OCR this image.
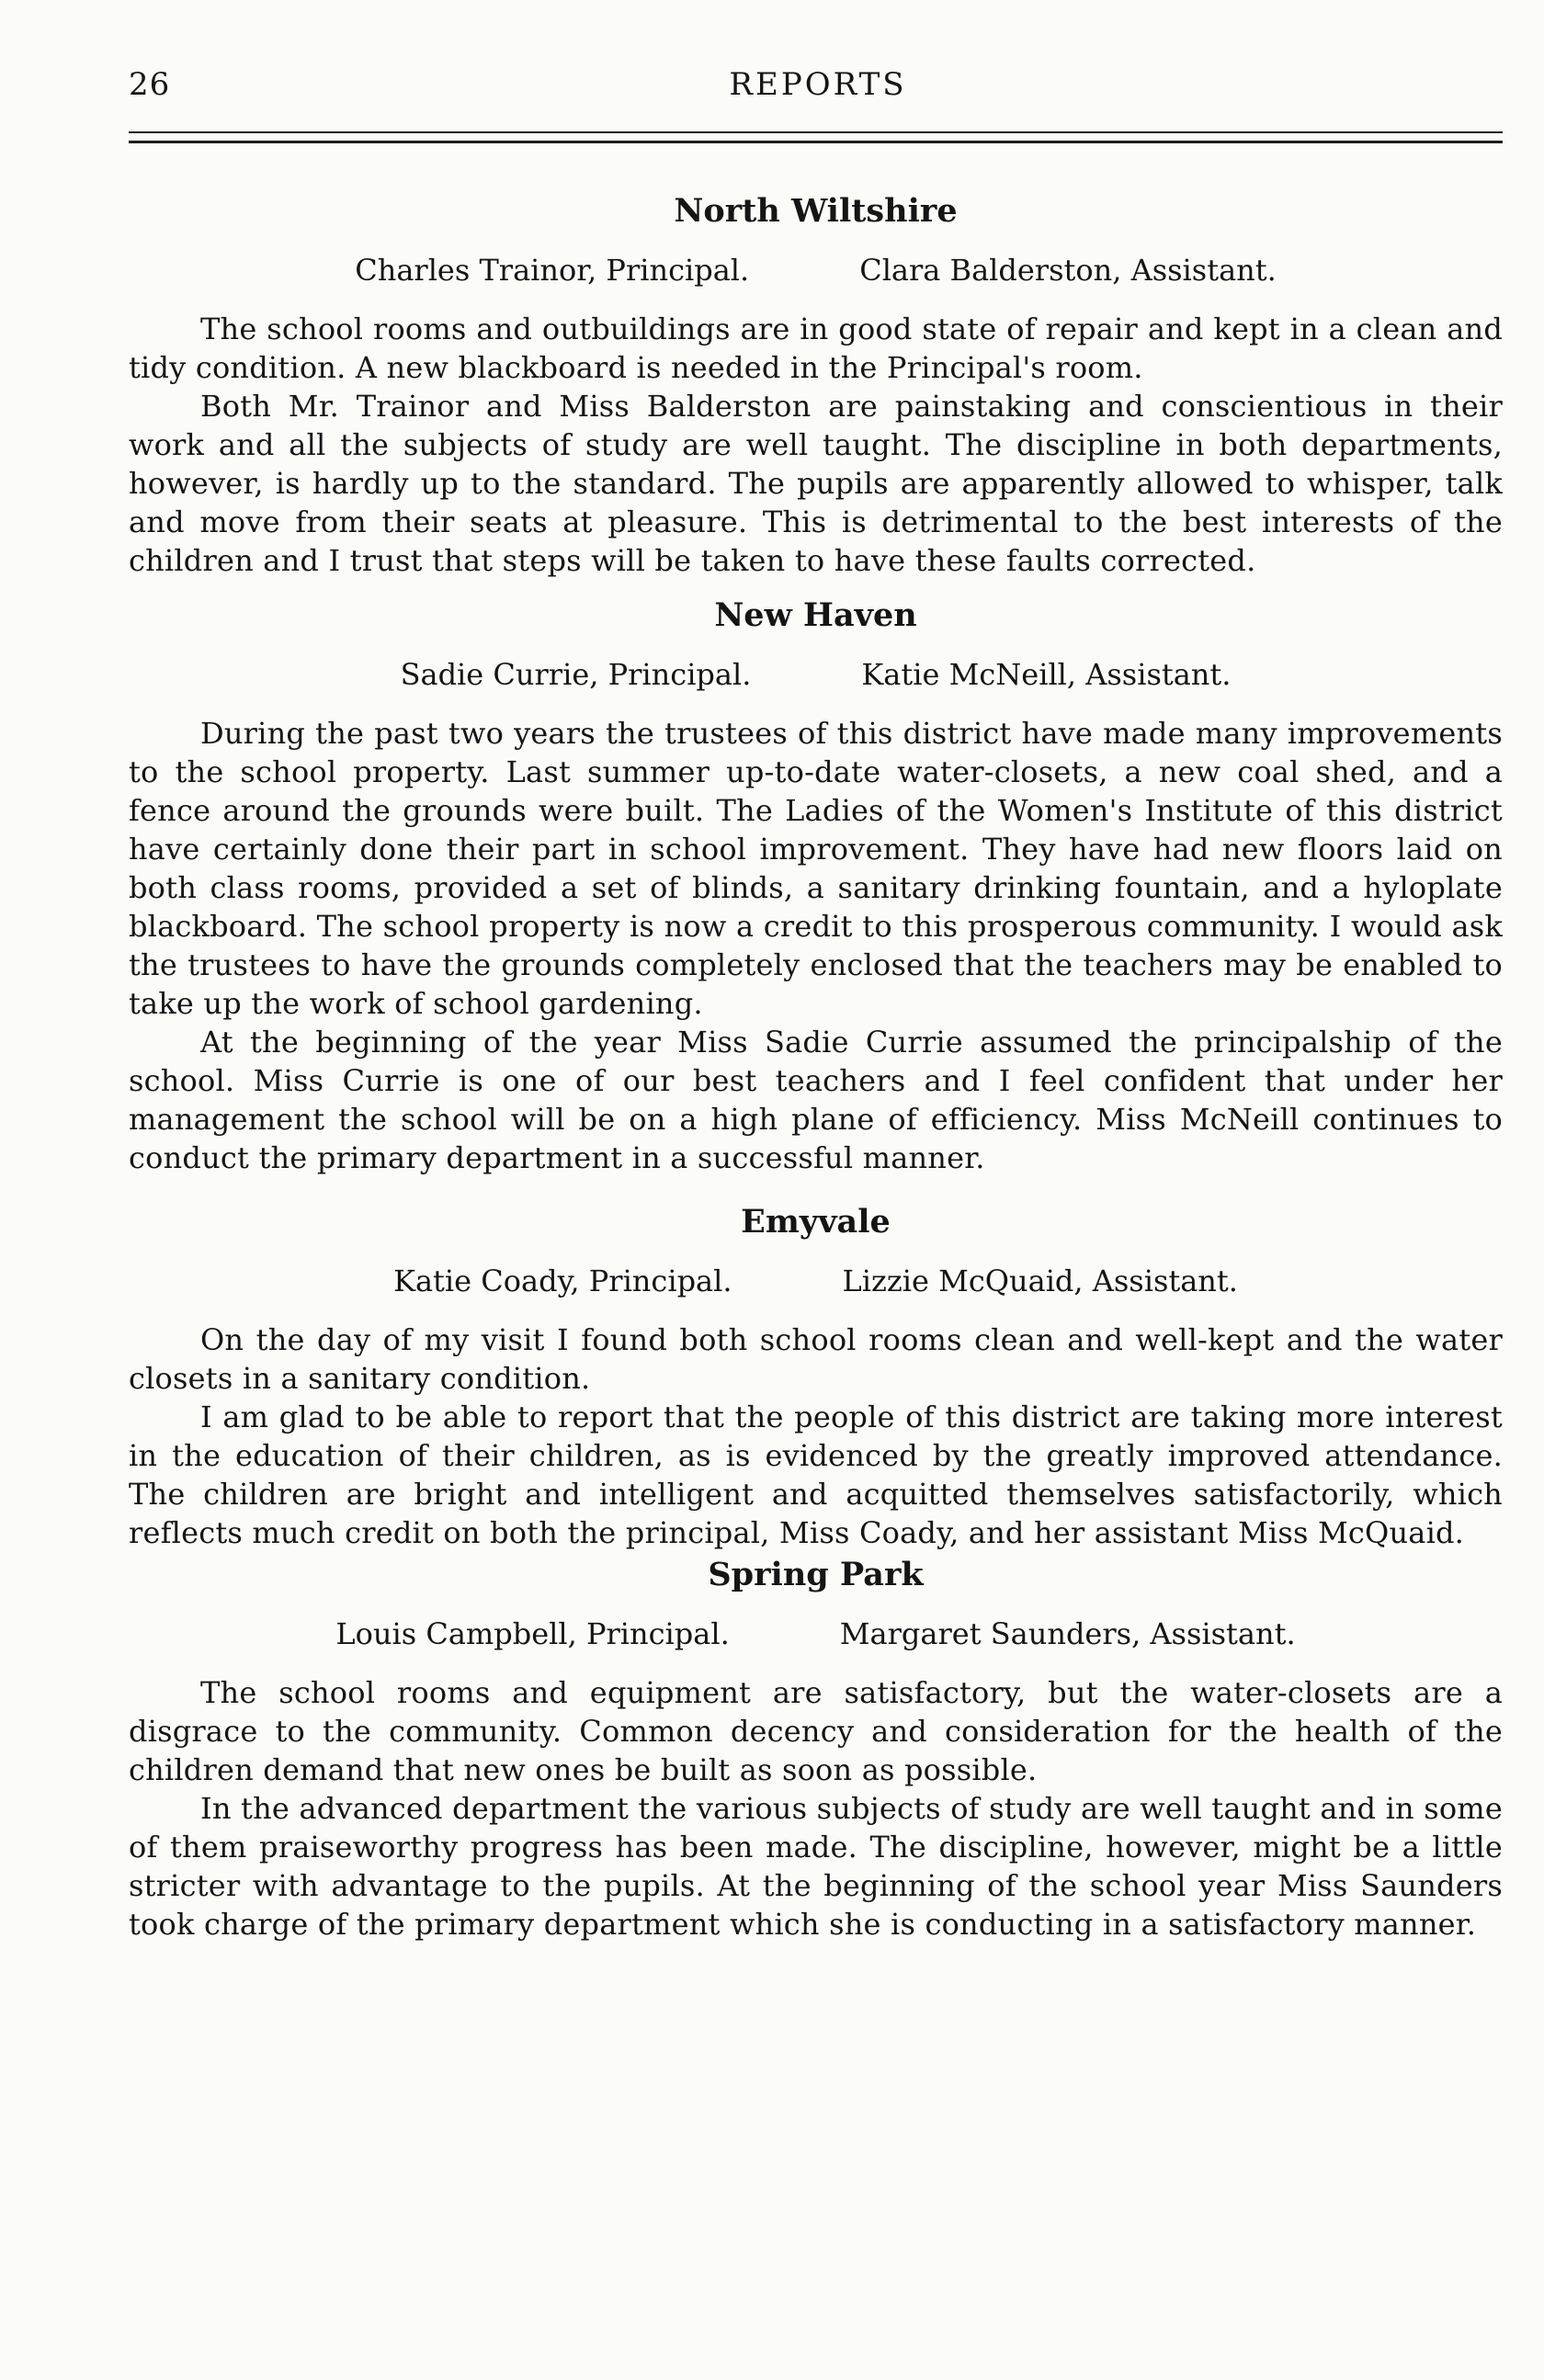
26	REPORTS
North Wiltshire
Charles Trainor, Principal.	Clara Balderston, Assistant.

The school rooms and outbuildings are in good state of repair and kept in a clean and tidy condition. A new blackboard is needed in the Principal's room.

Both Mr. Trainor and Miss Balderston are painstaking and conscientious in their work and all the subjects of study are well taught. The discipline in both departments, however, is hardly up to the standard. The pupils are apparently allowed to whisper, talk and move from their seats at pleasure. This is detrimental to the best interests of the children and I trust that steps will be taken to have these faults corrected.

New Haven
Sadie Currie, Principal.	Katie McNeill, Assistant.

During the past two years the trustees of this district have made many improvements to the school property. Last summer up-to-date water-closets, a new coal shed, and a fence around the grounds were built. The Ladies of the Women's Institute of this district have certainly done their part in school improvement. They have had new floors laid on both class rooms, provided a set of blinds, a sanitary drinking fountain, and a hyloplate blackboard. The school property is now a credit to this prosperous community. I would ask the trustees to have the grounds completely enclosed that the teachers may be enabled to take up the work of school gardening.

At the beginning of the year Miss Sadie Currie assumed the principalship of the school. Miss Currie is one of our best teachers and I feel confident that under her management the school will be on a high plane of efficiency. Miss McNeill continues to conduct the primary department in a successful manner.

Emyvale
Katie Coady, Principal.	Lizzie McQuaid, Assistant.

On the day of my visit I found both school rooms clean and well-kept and the water closets in a sanitary condition.

I am glad to be able to report that the people of this district are taking more interest in the education of their children, as is evidenced by the greatly improved attendance. The children are bright and intelligent and acquitted themselves satisfactorily, which reflects much credit on both the principal, Miss Coady, and her assistant Miss McQuaid.

Spring Park
Louis Campbell, Principal.	Margaret Saunders, Assistant.

The school rooms and equipment are satisfactory, but the water-closets are a disgrace to the community. Common decency and consideration for the health of the children demand that new ones be built as soon as possible.

In the advanced department the various subjects of study are well taught and in some of them praiseworthy progress has been made. The discipline, however, might be a little stricter with advantage to the pupils. At the beginning of the school year Miss Saunders took charge of the primary department which she is conducting in a satisfactory manner.
